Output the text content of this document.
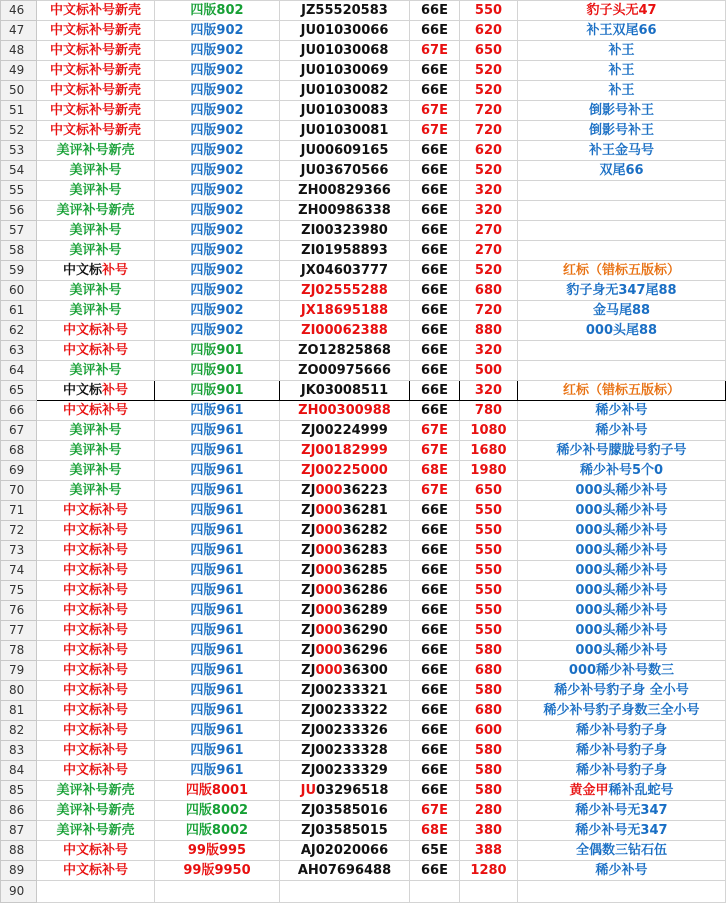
46	中文标补号新壳	四版802	JZ55520583	66E	550	豹子头无47
47	中文标补号新壳	四版902	JU01030066	66E	620	补王双尾66
48	中文标补号新壳	四版902	JU01030068	67E	650	补王
49	中文标补号新壳	四版902	JU01030069	66E	520	补王
50	中文标补号新壳	四版902	JU01030082	66E	520	补王
51	中文标补号新壳	四版902	JU01030083	67E	720	倒影号补王
52	中文标补号新壳	四版902	JU01030081	67E	720	倒影号补王
53	美评补号新壳	四版902	JU00609165	66E	620	补王金马号
54	美评补号	四版902	JU03670566	66E	520	双尾66
55	美评补号	四版902	ZH00829366	66E	320	
56	美评补号新壳	四版902	ZH00986338	66E	320	
57	美评补号	四版902	ZI00323980	66E	270	
58	美评补号	四版902	ZI01958893	66E	270	
59	中文标补号	四版902	JX04603777	66E	520	红标（错标五版标）
60	美评补号	四版902	ZJ02555288	66E	680	豹子身无347尾88
61	美评补号	四版902	JX18695188	66E	720	金马尾88
62	中文标补号	四版902	ZI00062388	66E	880	000头尾88
63	中文标补号	四版901	ZO12825868	66E	320	
64	美评补号	四版901	ZO00975666	66E	500	
65	中文标补号	四版901	JK03008511	66E	320	红标（错标五版标）
66	中文标补号	四版961	ZH00300988	66E	780	稀少补号
67	美评补号	四版961	ZJ00224999	67E	1080	稀少补号
68	美评补号	四版961	ZJ00182999	67E	1680	稀少补号朦胧号豹子号
69	美评补号	四版961	ZJ00225000	68E	1980	稀少补号5个0
70	美评补号	四版961	ZJ00036223	67E	650	000头稀少补号
71	中文标补号	四版961	ZJ00036281	66E	550	000头稀少补号
72	中文标补号	四版961	ZJ00036282	66E	550	000头稀少补号
73	中文标补号	四版961	ZJ00036283	66E	550	000头稀少补号
74	中文标补号	四版961	ZJ00036285	66E	550	000头稀少补号
75	中文标补号	四版961	ZJ00036286	66E	550	000头稀少补号
76	中文标补号	四版961	ZJ00036289	66E	550	000头稀少补号
77	中文标补号	四版961	ZJ00036290	66E	550	000头稀少补号
78	中文标补号	四版961	ZJ00036296	66E	580	000头稀少补号
79	中文标补号	四版961	ZJ00036300	66E	680	000稀少补号数三
80	中文标补号	四版961	ZJ00233321	66E	580	稀少补号豹子身 全小号
81	中文标补号	四版961	ZJ00233322	66E	680	稀少补号豹子身数三全小号
82	中文标补号	四版961	ZJ00233326	66E	600	稀少补号豹子身
83	中文标补号	四版961	ZJ00233328	66E	580	稀少补号豹子身
84	中文标补号	四版961	ZJ00233329	66E	580	稀少补号豹子身
85	美评补号新壳	四版8001	JU03296518	66E	580	黄金甲稀补乱蛇号
86	美评补号新壳	四版8002	ZJ03585016	67E	280	稀少补号无347
87	美评补号新壳	四版8002	ZJ03585015	68E	380	稀少补号无347
88	中文标补号	99版995	AJ02020066	65E	388	全偶数三钻石伍
89	中文标补号	99版9950	AH07696488	66E	1280	稀少补号
90						
